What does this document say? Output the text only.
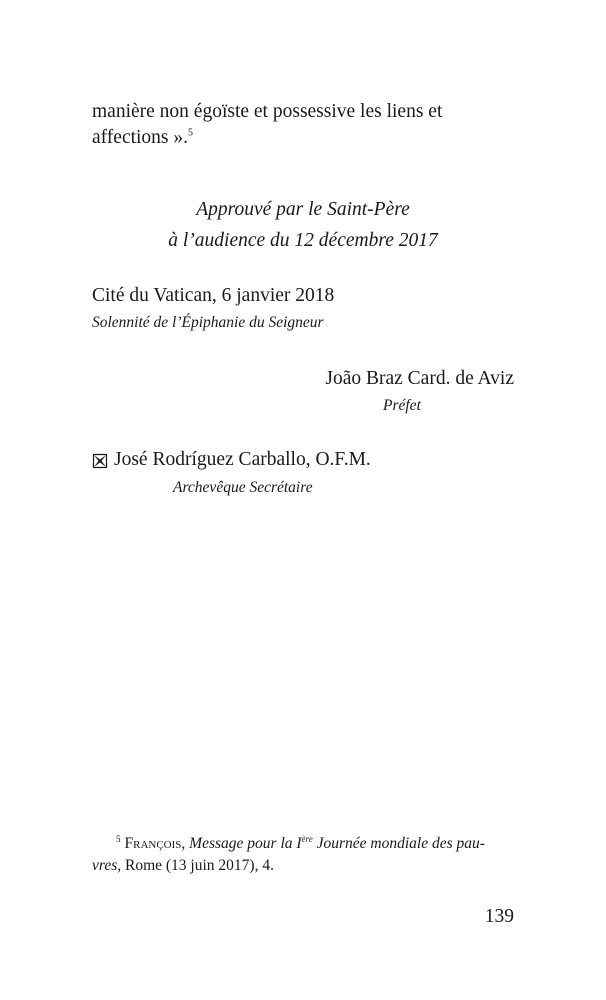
manière non égoïste et possessive les liens et
affections ».$^5$
Approuvé par le Saint-Père
à l’audience du 12 décembre 2017
Cité du Vatican, 6 janvier 2018
Solennité de l’Épiphanie du Seigneur
João Braz Card. de Aviz
Préfet
José Rodríguez Carballo, O.F.M.
Archevêque Secrétaire
$^5$ François, Message pour la Ière Journée mondiale des pau-
vres, Rome (13 juin 2017), 4.
139
